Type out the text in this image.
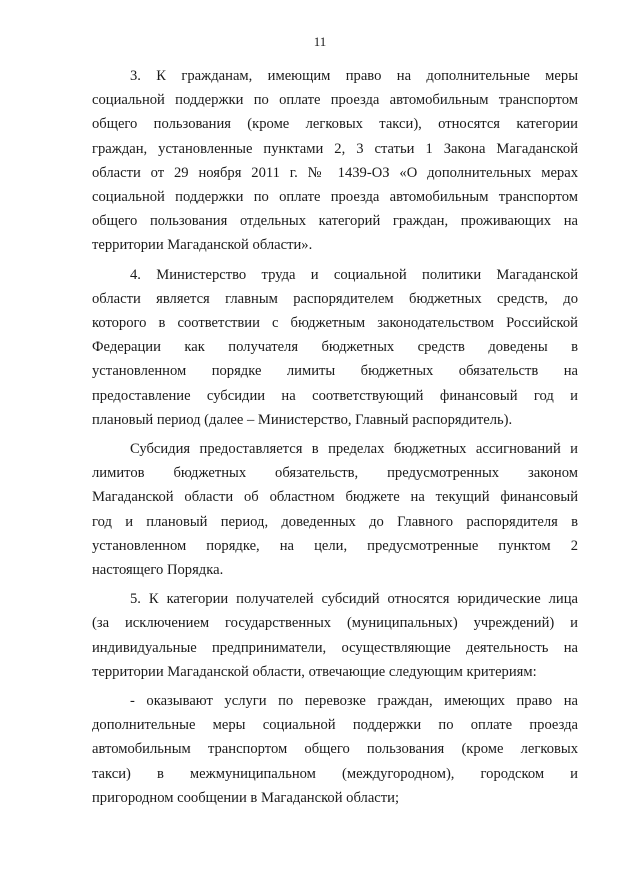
11

3. К гражданам, имеющим право на дополнительные меры
социальной поддержки по оплате проезда автомобильным транспортом
общего пользования (кроме легковых такси), относятся категории
граждан, установленные пунктами 2, 3 статьи 1 Закона Магаданской
области от 29 ноября 2011 г. № 1439-ОЗ «О дополнительных мерах
социальной поддержки по оплате проезда автомобильным транспортом
общего пользования отдельных категорий граждан, проживающих на
территории Магаданской области».

4. Министерство труда и социальной политики Магаданской
области является главным распорядителем бюджетных средств, до
которого в соответствии с бюджетным законодательством Российской
Федерации как получателя бюджетных средств доведены в
установленном порядке лимиты бюджетных обязательств на
предоставление субсидии на соответствующий финансовый год и
плановый период (далее – Министерство, Главный распорядитель).

Субсидия предоставляется в пределах бюджетных ассигнований и
лимитов бюджетных обязательств, предусмотренных законом
Магаданской области об областном бюджете на текущий финансовый
год и плановый период, доведенных до Главного распорядителя в
установленном порядке, на цели, предусмотренные пунктом 2
настоящего Порядка.

5. К категории получателей субсидий относятся юридические лица
(за исключением государственных (муниципальных) учреждений) и
индивидуальные предприниматели, осуществляющие деятельность на
территории Магаданской области, отвечающие следующим критериям:

- оказывают услуги по перевозке граждан, имеющих право на
дополнительные меры социальной поддержки по оплате проезда
автомобильным транспортом общего пользования (кроме легковых
такси) в межмуниципальном (междугородном), городском и
пригородном сообщении в Магаданской области;
